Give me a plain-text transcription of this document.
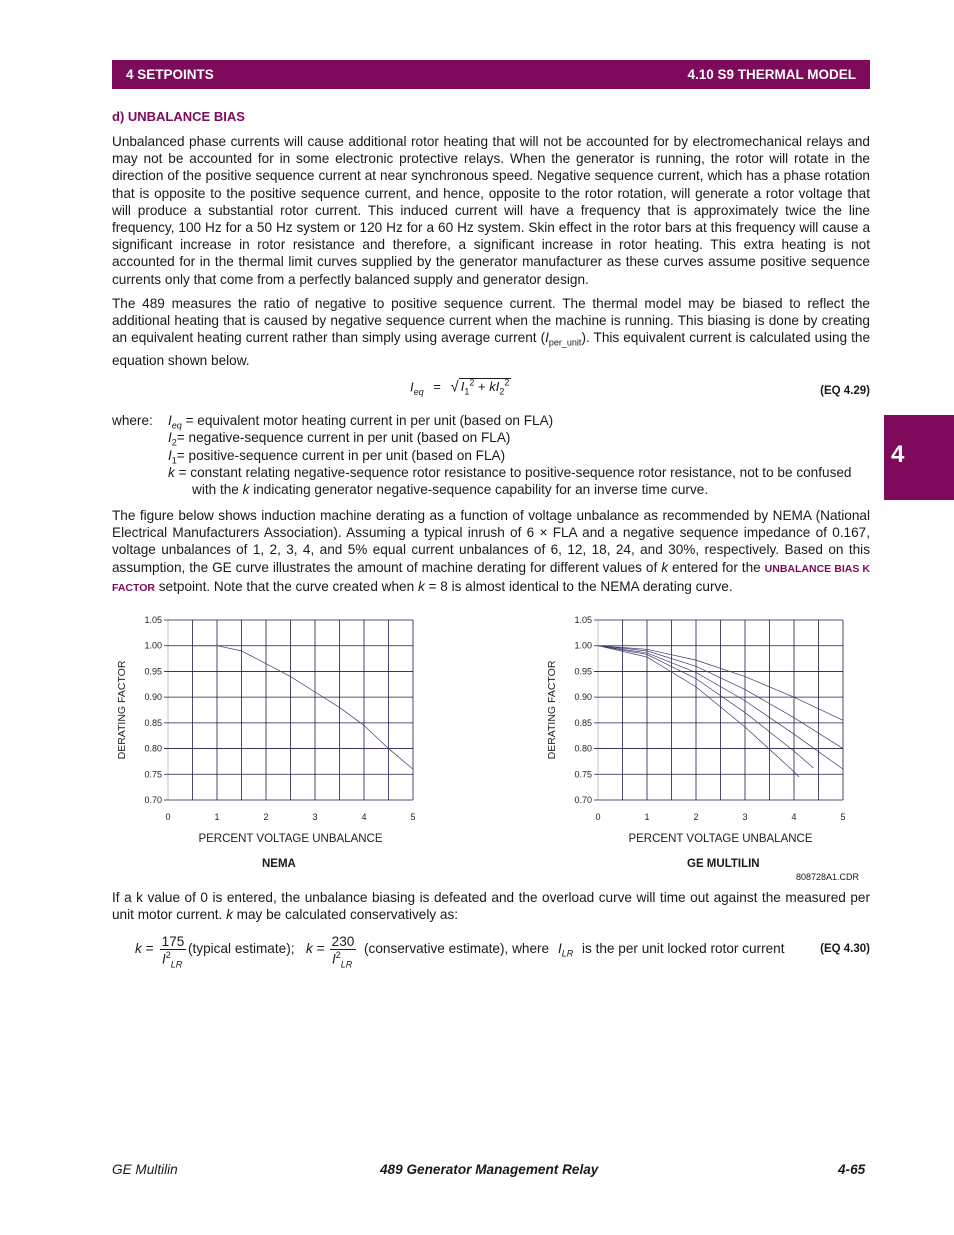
4 SETPOINTS	4.10 S9 THERMAL MODEL
4
d) UNBALANCE BIAS

Unbalanced phase currents will cause additional rotor heating that will not be accounted for by electromechanical relays and may not be accounted for in some electronic protective relays. When the generator is running, the rotor will rotate in the direction of the positive sequence current at near synchronous speed. Negative sequence current, which has a phase rotation that is opposite to the positive sequence current, and hence, opposite to the rotor rotation, will generate a rotor voltage that will produce a substantial rotor current. This induced current will have a frequency that is approximately twice the line frequency, 100 Hz for a 50 Hz system or 120 Hz for a 60 Hz system. Skin effect in the rotor bars at this frequency will cause a significant increase in rotor resistance and therefore, a significant increase in rotor heating. This extra heating is not accounted for in the thermal limit curves supplied by the generator manufacturer as these curves assume positive sequence currents only that come from a perfectly balanced supply and generator design.

The 489 measures the ratio of negative to positive sequence current. The thermal model may be biased to reflect the additional heating that is caused by negative sequence current when the machine is running. This biasing is done by creating an equivalent heating current rather than simply using average current $(I_{per\_unit})$. This equivalent current is calculated using the equation shown below.

$I_{eq}$ = √ $I_1^2 + kI_2^2$
(EQ 4.29)
where: $I_{eq}$ = equivalent motor heating current in per unit (based on FLA)
$I_2=$ negative-sequence current in per unit (based on FLA)
$I_1=$ positive-sequence current in per unit (based on FLA)
k = constant relating negative-sequence rotor resistance to positive-sequence rotor resistance, not to be confused
with the k indicating generator negative-sequence capability for an inverse time curve.

The figure below shows induction machine derating as a function of voltage unbalance as recommended by NEMA (National Electrical Manufacturers Association). Assuming a typical inrush of 6 × FLA and a negative sequence impedance of 0.167, voltage unbalances of 1, 2, 3, 4, and 5% equal current unbalances of 6, 12, 18, 24, and 30%, respectively. Based on this assumption, the GE curve illustrates the amount of machine derating for different values of k entered for the UNBALANCE BIAS K FACTOR setpoint. Note that the curve created when k = 8 is almost identical to the NEMA derating curve.

0.70
0.75
0.80
0.85
0.90
0.95
1.00
1.05
0	1	2	3	4	5
DERATING FACTOR
PERCENT VOLTAGE UNBALANCE
0.70
0.75
0.80
0.85
0.90
0.95
1.00
1.05
0	1	2	3	4	5
DERATING FACTOR
PERCENT VOLTAGE UNBALANCE
NEMA	GE MULTILIN
808728A1.CDR

If a k value of 0 is entered, the unbalance biasing is defeated and the overload curve will time out against the measured per unit motor current. k may be calculated conservatively as:

$k = \frac{175}{I^2_{LR}}$ (typical estimate); $k = \frac{230}{I^2_{LR}}$ (conservative estimate), where $I_{LR}$ is the per unit locked rotor current	(EQ 4.30)
GE Multilin	489 Generator Management Relay	4-65
